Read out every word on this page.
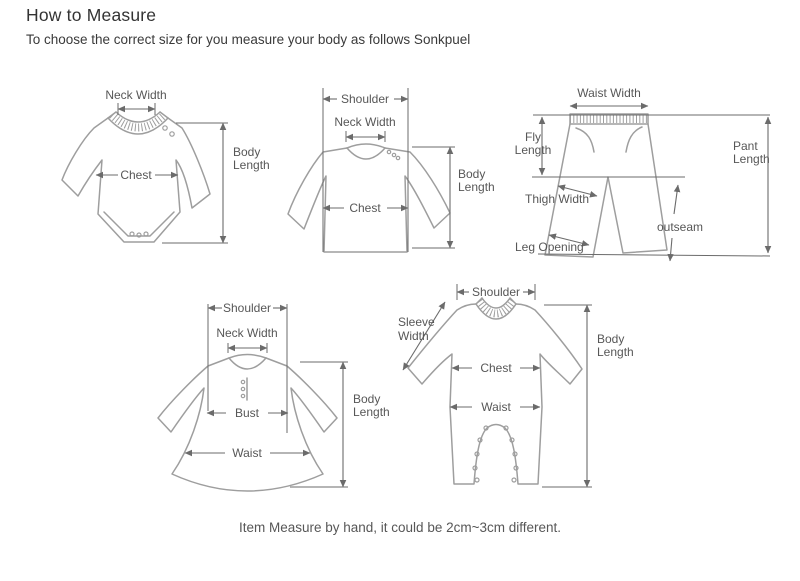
How to Measure

To choose the correct size for you measure your body as follows Sonkpuel

Neck Width
Chest
Body Length
Shoulder
Neck Width
Chest
Body Length
Waist Width
Fly Length	Pant Length
Thigh Width
outseam
Leg Opening
Shoulder
Neck Width
Bust
Waist
Body Length
Shoulder
Sleeve Width
Chest
Waist
Body Length

Item Measure by hand, it could be 2cm~3cm different.
